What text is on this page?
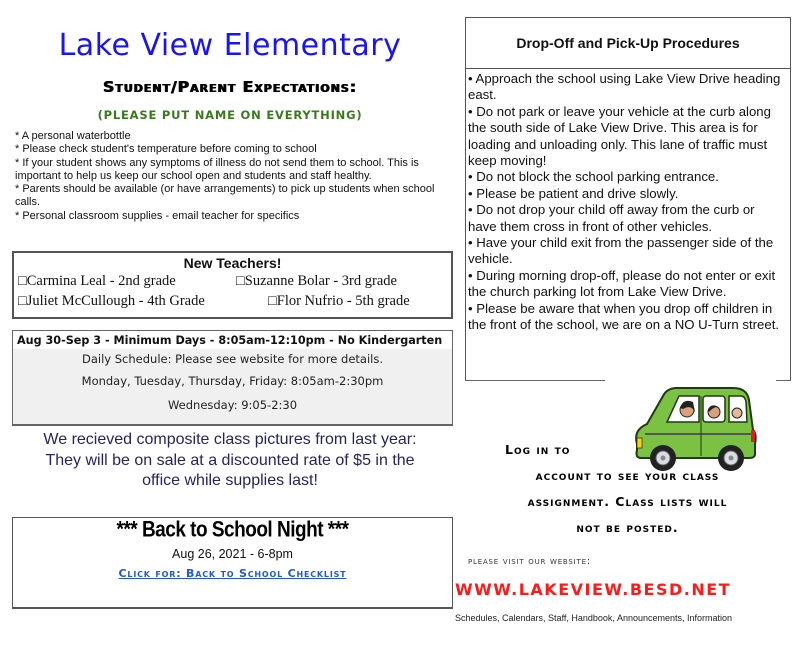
Lake View Elementary
Student/Parent Expectations:
(PLEASE PUT NAME ON EVERYTHING)
* A personal waterbottle
* Please check student's temperature before coming to school
* If your student shows any symptoms of illness do not send them to school. This is important to help us keep our school open and students and staff healthy.
* Parents should be available (or have arrangements) to pick up students when school calls.
* Personal classroom supplies - email teacher for specifics
New Teachers!
□Carmina Leal - 2nd grade	□Suzanne Bolar - 3rd grade
□Juliet McCullough - 4th Grade	□Flor Nufrio - 5th grade
Aug 30-Sep 3 - Minimum Days - 8:05am-12:10pm - No Kindergarten
Daily Schedule: Please see website for more details.
Monday, Tuesday, Thursday, Friday: 8:05am-2:30pm
Wednesday: 9:05-2:30
We recieved composite class pictures from last year:
They will be on sale at a discounted rate of $5 in the
office while supplies last!
*** Back to School Night ***
Aug 26, 2021 - 6-8pm
Click for: Back to School Checklist
Drop-Off and Pick-Up Procedures
• Approach the school using Lake View Drive heading east.
• Do not park or leave your vehicle at the curb along the south side of Lake View Drive. This area is for loading and unloading only. This lane of traffic must keep moving!
• Do not block the school parking entrance.
• Please be patient and drive slowly.
• Do not drop your child off away from the curb or have them cross in front of other vehicles.
• Have your child exit from the passenger side of the vehicle.
• During morning drop-off, please do not enter or exit the church parking lot from Lake View Drive.
• Please be aware that when you drop off children in the front of the school, we are on a NO U-Turn street.
Log in to
account to see your class
assignment. Class lists will
not be posted.
please visit our website:
WWW.LAKEVIEW.BESD.NET
Schedules, Calendars, Staff, Handbook, Announcements, Information
